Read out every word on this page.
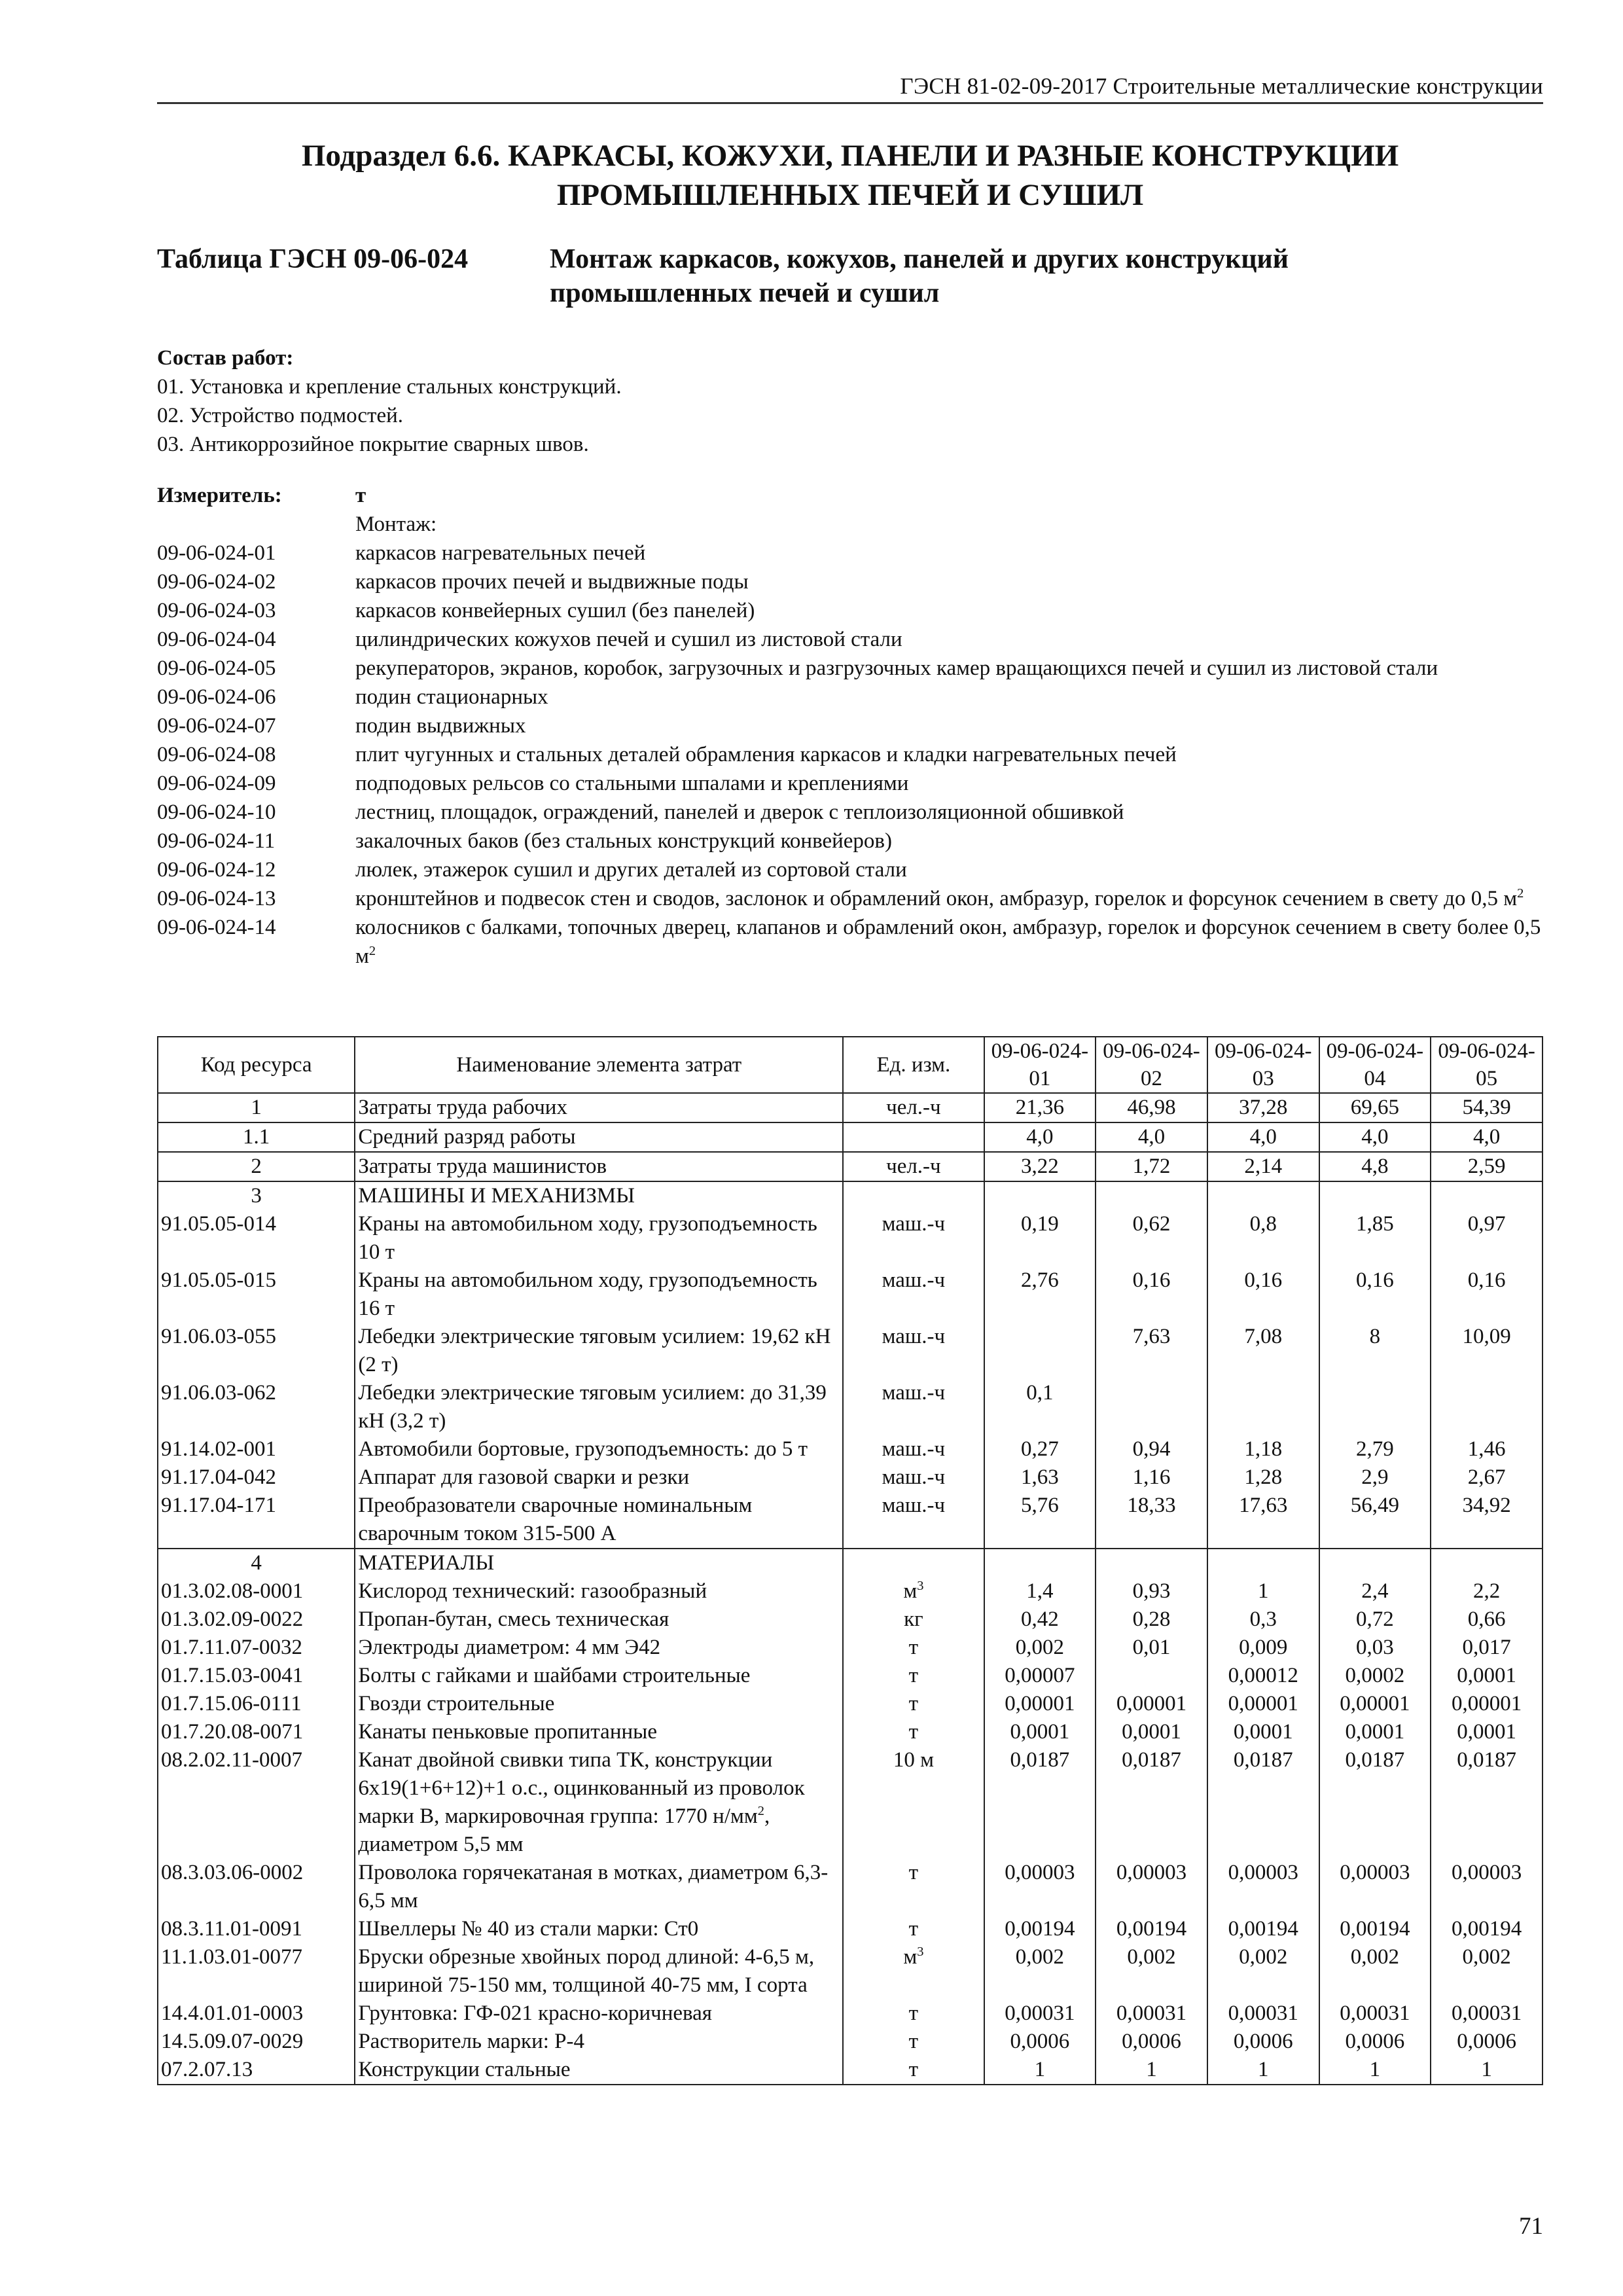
ГЭСН 81-02-09-2017 Строительные металлические конструкции
Подраздел 6.6. КАРКАСЫ, КОЖУХИ, ПАНЕЛИ И РАЗНЫЕ КОНСТРУКЦИИ
ПРОМЫШЛЕННЫХ ПЕЧЕЙ И СУШИЛ
Таблица ГЭСН 09-06-024	Монтаж каркасов, кожухов, панелей и других конструкций
промышленных печей и сушил
Состав работ:
01. Установка и крепление стальных конструкций.
02. Устройство подмостей.
03. Антикоррозийное покрытие сварных швов.
Измеритель:	т
Монтаж:
09-06-024-01	каркасов нагревательных печей
09-06-024-02	каркасов прочих печей и выдвижные поды
09-06-024-03	каркасов конвейерных сушил (без панелей)
09-06-024-04	цилиндрических кожухов печей и сушил из листовой стали
09-06-024-05	рекуператоров, экранов, коробок, загрузочных и разгрузочных камер вращающихся печей и сушил из листовой стали
09-06-024-06	подин стационарных
09-06-024-07	подин выдвижных
09-06-024-08	плит чугунных и стальных деталей обрамления каркасов и кладки нагревательных печей
09-06-024-09	подподовых рельсов со стальными шпалами и креплениями
09-06-024-10	лестниц, площадок, ограждений, панелей и дверок с теплоизоляционной обшивкой
09-06-024-11	закалочных баков (без стальных конструкций конвейеров)
09-06-024-12	люлек, этажерок сушил и других деталей из сортовой стали
09-06-024-13	кронштейнов и подвесок стен и сводов, заслонок и обрамлений окон, амбразур, горелок и форсунок сечением в свету до 0,5 $м^2$
09-06-024-14	колосников с балками, топочных дверец, клапанов и обрамлений окон, амбразур, горелок и форсунок сечением в свету более 0,5 $м^2$
Код ресурса	Наименование элемента затрат	Ед. изм.	09-06-024-01	09-06-024-02	09-06-024-03	09-06-024-04	09-06-024-05
1	Затраты труда рабочих	чел.-ч	21,36	46,98	37,28	69,65	54,39
1.1	Средний разряд работы		4,0	4,0	4,0	4,0	4,0
2	Затраты труда машинистов	чел.-ч	3,22	1,72	2,14	4,8	2,59
3	МАШИНЫ И МЕХАНИЗМЫ						
91.05.05-014	Краны на автомобильном ходу, грузоподъемность 10 т	маш.-ч	0,19	0,62	0,8	1,85	0,97
91.05.05-015	Краны на автомобильном ходу, грузоподъемность 16 т	маш.-ч	2,76	0,16	0,16	0,16	0,16
91.06.03-055	Лебедки электрические тяговым усилием: 19,62 кН (2 т)	маш.-ч		7,63	7,08	8	10,09
91.06.03-062	Лебедки электрические тяговым усилием: до 31,39 кН (3,2 т)	маш.-ч	0,1				
91.14.02-001	Автомобили бортовые, грузоподъемность: до 5 т	маш.-ч	0,27	0,94	1,18	2,79	1,46
91.17.04-042	Аппарат для газовой сварки и резки	маш.-ч	1,63	1,16	1,28	2,9	2,67
91.17.04-171	Преобразователи сварочные номинальным сварочным током 315-500 А	маш.-ч	5,76	18,33	17,63	56,49	34,92
4	МАТЕРИАЛЫ						
01.3.02.08-0001	Кислород технический: газообразный	$м^3$	1,4	0,93	1	2,4	2,2
01.3.02.09-0022	Пропан-бутан, смесь техническая	кг	0,42	0,28	0,3	0,72	0,66
01.7.11.07-0032	Электроды диаметром: 4 мм Э42	т	0,002	0,01	0,009	0,03	0,017
01.7.15.03-0041	Болты с гайками и шайбами строительные	т	0,00007		0,00012	0,0002	0,0001
01.7.15.06-0111	Гвозди строительные	т	0,00001	0,00001	0,00001	0,00001	0,00001
01.7.20.08-0071	Канаты пеньковые пропитанные	т	0,0001	0,0001	0,0001	0,0001	0,0001
08.2.02.11-0007	Канат двойной свивки типа ТК, конструкции 6х19(1+6+12)+1 о.с., оцинкованный из проволок марки В, маркировочная группа: 1770 $н/мм^2$, диаметром 5,5 мм	10 м	0,0187	0,0187	0,0187	0,0187	0,0187
08.3.03.06-0002	Проволока горячекатаная в мотках, диаметром 6,3-6,5 мм	т	0,00003	0,00003	0,00003	0,00003	0,00003
08.3.11.01-0091	Швеллеры № 40 из стали марки: Ст0	т	0,00194	0,00194	0,00194	0,00194	0,00194
11.1.03.01-0077	Бруски обрезные хвойных пород длиной: 4-6,5 м, шириной 75-150 мм, толщиной 40-75 мм, I сорта	$м^3$	0,002	0,002	0,002	0,002	0,002
14.4.01.01-0003	Грунтовка: ГФ-021 красно-коричневая	т	0,00031	0,00031	0,00031	0,00031	0,00031
14.5.09.07-0029	Растворитель марки: Р-4	т	0,0006	0,0006	0,0006	0,0006	0,0006
07.2.07.13	Конструкции стальные	т	1	1	1	1	1
71
